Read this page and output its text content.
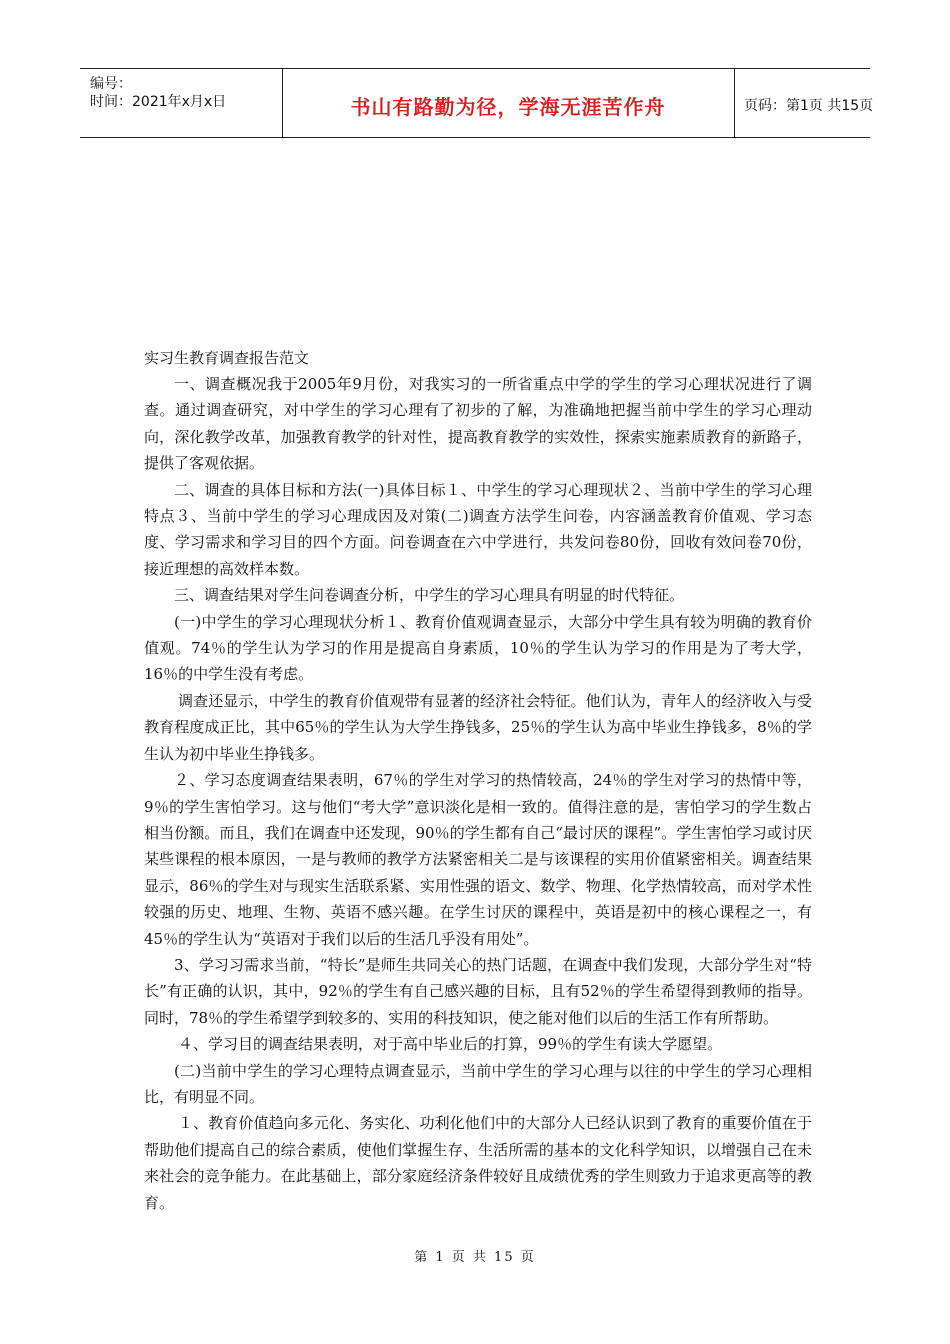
编号：
时间：2021年x月x日	书山有路勤为径，学海无涯苦作舟	页码：第1页 共15页

实习生教育调查报告范文

一、调查概况我于2005年9月份，对我实习的一所省重点中学的学生的学习心理状况进行了调查。通过调查研究，对中学生的学习心理有了初步的了解，为准确地把握当前中学生的学习心理动向，深化教学改革，加强教育教学的针对性，提高教育教学的实效性，探索实施素质教育的新路子，提供了客观依据。

二、调查的具体目标和方法(一)具体目标１、中学生的学习心理现状２、当前中学生的学习心理特点３、当前中学生的学习心理成因及对策(二)调查方法学生问卷，内容涵盖教育价值观、学习态度、学习需求和学习目的四个方面。问卷调查在六中学进行，共发问卷80份，回收有效问卷70份，接近理想的高效样本数。

三、调查结果对学生问卷调查分析，中学生的学习心理具有明显的时代特征。

(一)中学生的学习心理现状分析１、教育价值观调查显示，大部分中学生具有较为明确的教育价值观。74％的学生认为学习的作用是提高自身素质，10％的学生认为学习的作用是为了考大学，16％的中学生没有考虑。

调查还显示，中学生的教育价值观带有显著的经济社会特征。他们认为，青年人的经济收入与受教育程度成正比，其中65％的学生认为大学生挣钱多，25％的学生认为高中毕业生挣钱多，8％的学生认为初中毕业生挣钱多。

２、学习态度调查结果表明，67％的学生对学习的热情较高，24％的学生对学习的热情中等，9％的学生害怕学习。这与他们“考大学”意识淡化是相一致的。值得注意的是，害怕学习的学生数占相当份额。而且，我们在调查中还发现，90％的学生都有自己“最讨厌的课程”。学生害怕学习或讨厌某些课程的根本原因，一是与教师的教学方法紧密相关二是与该课程的实用价值紧密相关。调查结果显示，86％的学生对与现实生活联系紧、实用性强的语文、数学、物理、化学热情较高，而对学术性较强的历史、地理、生物、英语不感兴趣。在学生讨厌的课程中，英语是初中的核心课程之一，有45％的学生认为“英语对于我们以后的生活几乎没有用处”。

3、学习习需求当前，“特长”是师生共同关心的热门话题，在调查中我们发现，大部分学生对“特长”有正确的认识，其中，92％的学生有自己感兴趣的目标，且有52％的学生希望得到教师的指导。同时，78％的学生希望学到较多的、实用的科技知识，使之能对他们以后的生活工作有所帮助。

４、学习目的调查结果表明，对于高中毕业后的打算，99％的学生有读大学愿望。

(二)当前中学生的学习心理特点调查显示，当前中学生的学习心理与以往的中学生的学习心理相比，有明显不同。

１、教育价值趋向多元化、务实化、功利化他们中的大部分人已经认识到了教育的重要价值在于帮助他们提高自己的综合素质，使他们掌握生存、生活所需的基本的文化科学知识，以增强自己在未来社会的竞争能力。在此基础上，部分家庭经济条件较好且成绩优秀的学生则致力于追求更高等的教育。

第 1 页 共 15 页
